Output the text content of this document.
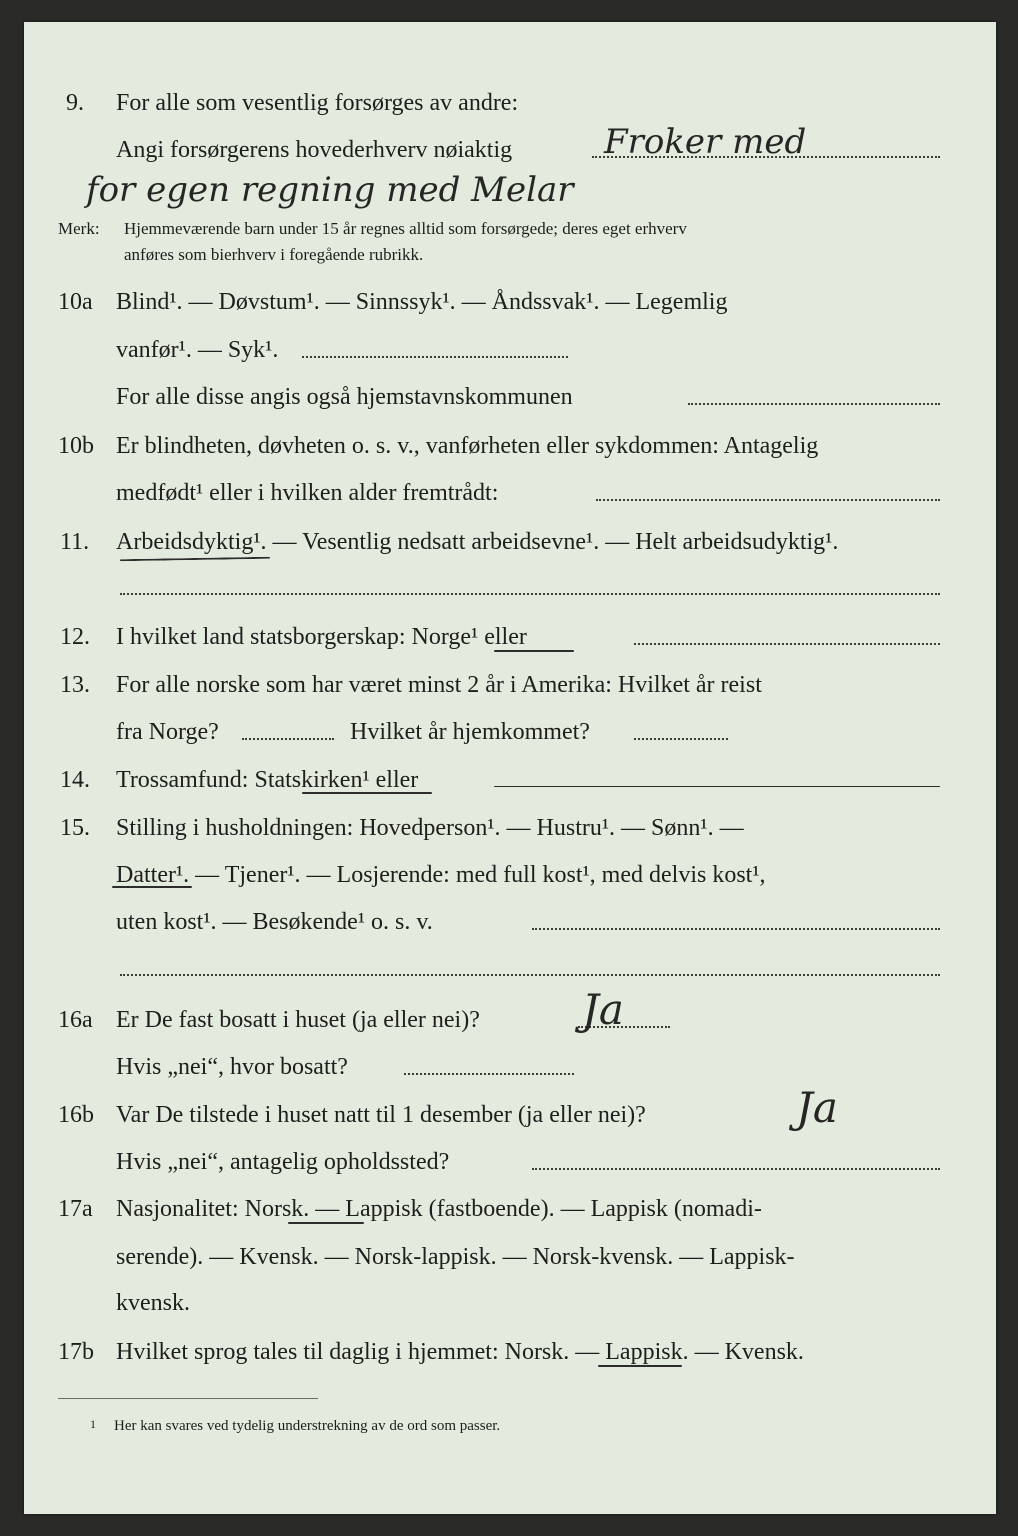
9. For alle som vesentlig forsørges av andre:
Angi forsørgerens hovederhverv nøiaktig	Froker med
for egen regning med Melar
Merk: Hjemmeværende barn under 15 år regnes alltid som forsørgede; deres eget erhverv
anføres som bierhverv i foregående rubrikk.
10a Blind¹. — Døvstum¹. — Sinnssyk¹. — Åndssvak¹. — Legemlig
vanfør¹. — Syk¹.
For alle disse angis også hjemstavnskommunen
10b Er blindheten, døvheten o. s. v., vanførheten eller sykdommen: Antagelig
medfødt¹ eller i hvilken alder fremtrådt:
11. Arbeidsdyktig¹. — Vesentlig nedsatt arbeidsevne¹. — Helt arbeidsudyktig¹.
12. I hvilket land statsborgerskap: Norge¹ eller
13. For alle norske som har været minst 2 år i Amerika: Hvilket år reist
fra Norge?	Hvilket år hjemkommet?
14. Trossamfund: Statskirken¹ eller
15. Stilling i husholdningen: Hovedperson¹. — Hustru¹. — Sønn¹. —
Datter¹. — Tjener¹. — Losjerende: med full kost¹, med delvis kost¹,
uten kost¹. — Besøkende¹ o. s. v.
16a Er De fast bosatt i huset (ja eller nei)? Ja
Hvis „nei“, hvor bosatt?
16b Var De tilstede i huset natt til 1 desember (ja eller nei)?	Ja
Hvis „nei“, antagelig opholdssted?
17a Nasjonalitet: Norsk. — Lappisk (fastboende). — Lappisk (nomadi-
serende). — Kvensk. — Norsk-lappisk. — Norsk-kvensk. — Lappisk-
kvensk.
17b Hvilket sprog tales til daglig i hjemmet: Norsk. — Lappisk. — Kvensk.
1 Her kan svares ved tydelig understrekning av de ord som passer.
